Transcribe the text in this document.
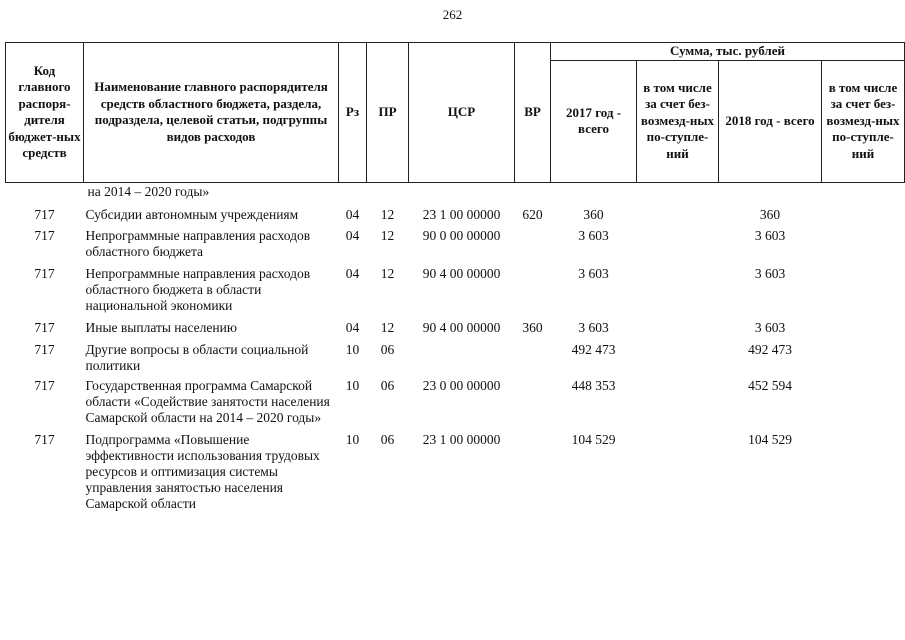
262
Код главного распоря-дителя бюджет-ных средств	Наименование главного распорядителя средств областного бюджета, раздела, подраздела, целевой статьи, подгруппы видов расходов	Рз	ПР	ЦСР	ВР	Сумма, тыс. рублей			
						2017 год - всего	в том числе за счет без-возмезд-ных по-ступле-ний	2018 год - всего	в том числе за счет без-возмезд-ных по-ступле-ний
	на 2014 – 2020 годы»								
717	Субсидии автономным учреждениям	04	12	23 1 00 00000	620	360		360	
717	Непрограммные направления расходов областного бюджета	04	12	90 0 00 00000		3 603		3 603	
717	Непрограммные направления расходов областного бюджета в области национальной экономики	04	12	90 4 00 00000		3 603		3 603	
717	Иные выплаты населению	04	12	90 4 00 00000	360	3 603		3 603	
717	Другие вопросы в области социальной политики	10	06			492 473		492 473	
717	Государственная программа Самарской области «Содействие занятости населения Самарской области на 2014 – 2020 годы»	10	06	23 0 00 00000		448 353		452 594	
717	Подпрограмма «Повышение эффективности использования трудовых ресурсов и оптимизация системы управления занятостью населения Самарской области	10	06	23 1 00 00000		104 529		104 529	
